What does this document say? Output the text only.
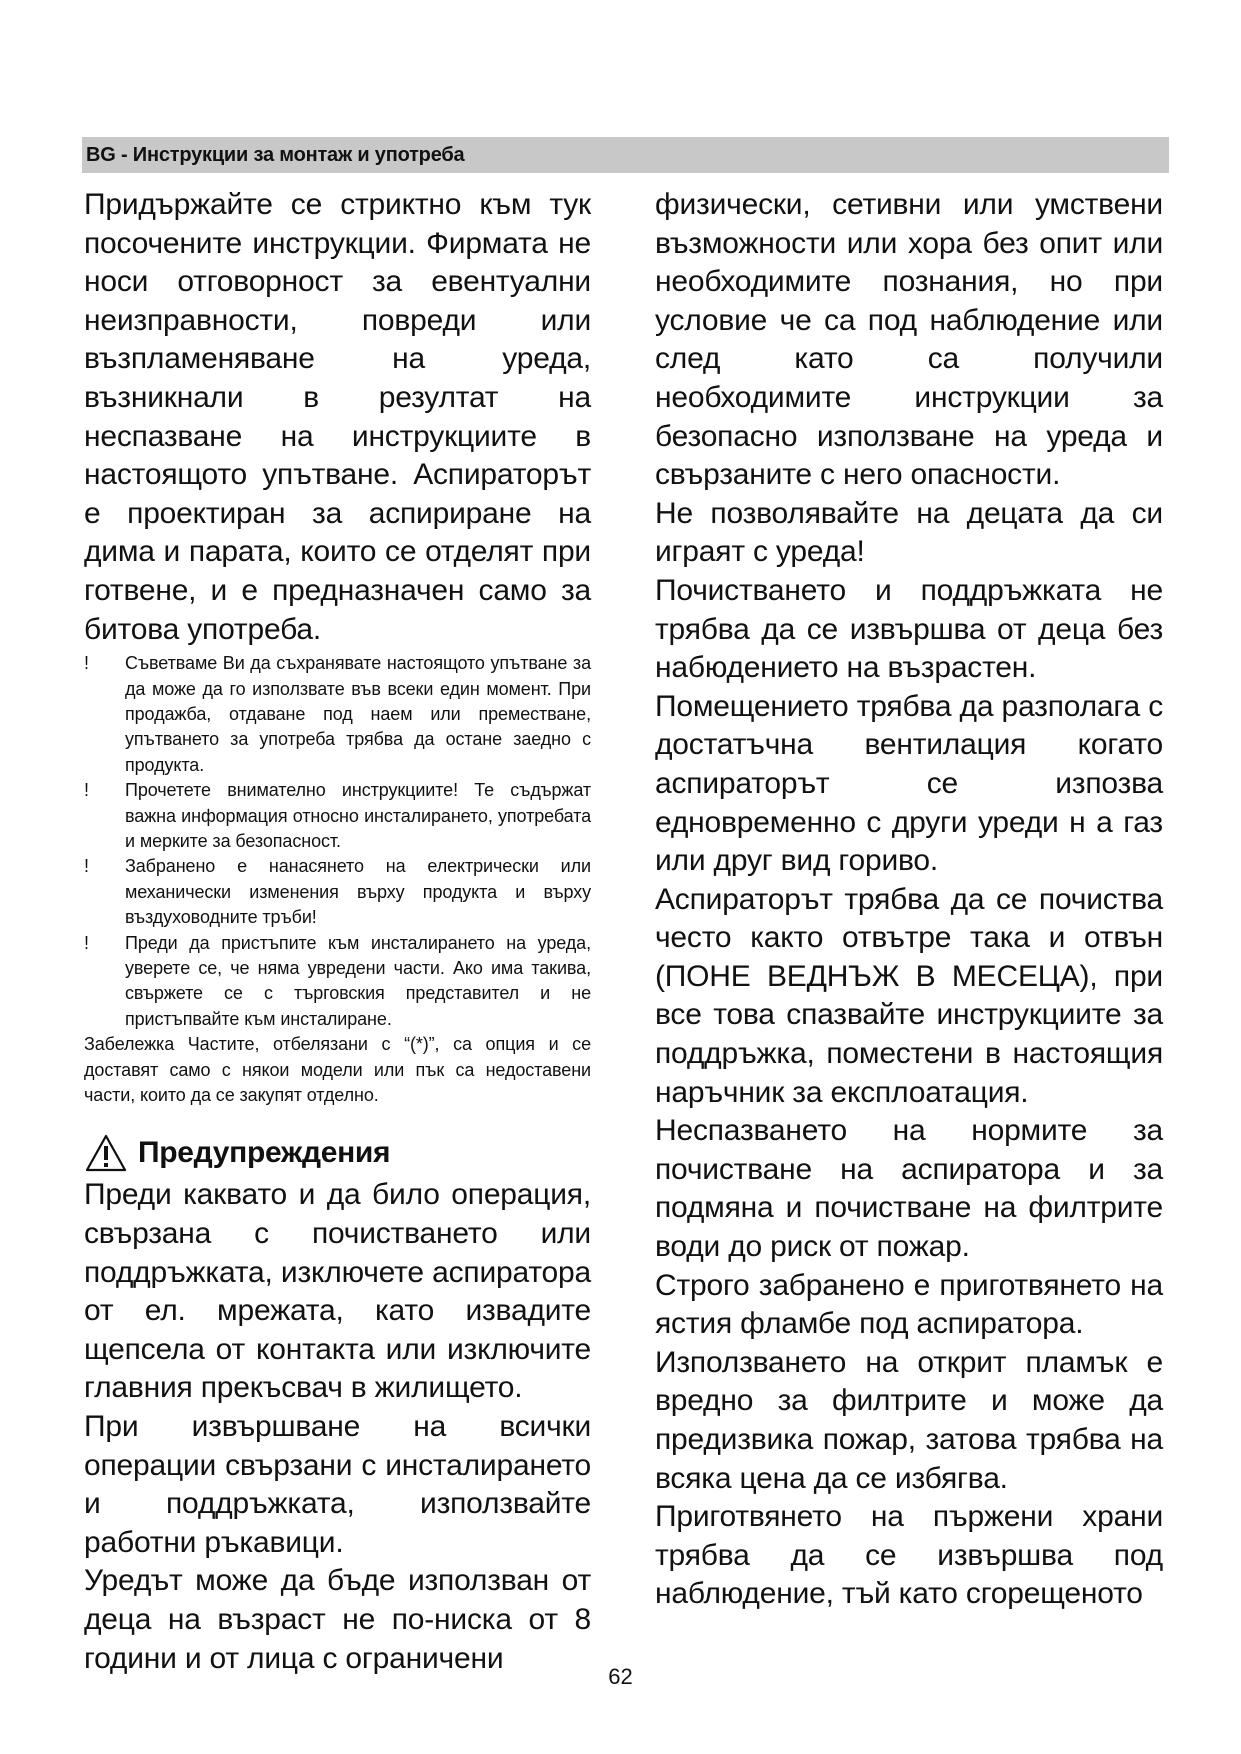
BG - Инструкции за монтаж и употреба

Придържайте се стриктно към тук посочените инструкции. Фирмата не носи отговорност за евентуални неизправности, повреди или възпламеняване на уреда, възникнали в резултат на неспазване на инструкциите в настоящото упътване. Аспираторът е проектиран за аспириране на дима и парата, които се отделят при готвене, и е предназначен само за битова употреба.

! Съветваме Ви да съхранявате настоящото упътване за да може да го използвате във всеки един момент. При продажба, отдаване под наем или преместване, упътването за употреба трябва да остане заедно с продукта.
! Прочетете внимателно инструкциите! Те съдържат важна информация относно инсталирането, употребата и мерките за безопасност.
! Забранено е нанасянето на електрически или механически изменения върху продукта и върху въздуховодните тръби!
! Преди да пристъпите към инсталирането на уреда, уверете се, че няма увредени части. Ако има такива, свържете се с търговския представител и не пристъпвайте към инсталиране.

Забележка Частите, отбелязани с “(*)”, са опция и се доставят само с някои модели или пък са недоставени части, които да се закупят отделно.

Предупреждения

Преди каквато и да било операция, свързана с почистването или поддръжката, изключете аспиратора от ел. мрежата, като извадите щепсела от контакта или изключите главния прекъсвач в жилището.

При извършване на всички операции свързани с инсталирането и поддръжката, използвайте работни ръкавици.

Уредът може да бъде използван от деца на възраст не по-ниска от 8 години и от лица с ограничени

физически, сетивни или умствени възможности или хора без опит или необходимите познания, но при условие че са под наблюдение или след като са получили необходимите инструкции за безопасно използване на уреда и свързаните с него опасности.

Не позволявайте на децата да си играят с уреда!

Почистването и поддръжката не трябва да се извършва от деца без набюдението на възрастен.

Помещението трябва да разполага с достатъчна вентилация когато аспираторът се изпозва едновременно с други уреди н а газ или друг вид гориво.

Аспираторът трябва да се почиства често както отвътре така и отвън (ПОНЕ ВЕДНЪЖ В МЕСЕЦА), при все това спазвайте инструкциите за поддръжка, поместени в настоящия наръчник за експлоатация.

Неспазването на нормите за почистване на аспиратора и за подмяна и почистване на филтрите води до риск от пожар.

Строго забранено е приготвянето на ястия фламбе под аспиратора.

Използването на открит пламък е вредно за филтрите и може да предизвика пожар, затова трябва на всяка цена да се избягва.

Приготвянето на пържени храни трябва да се извършва под наблюдение, тъй като сгорещеното

62
